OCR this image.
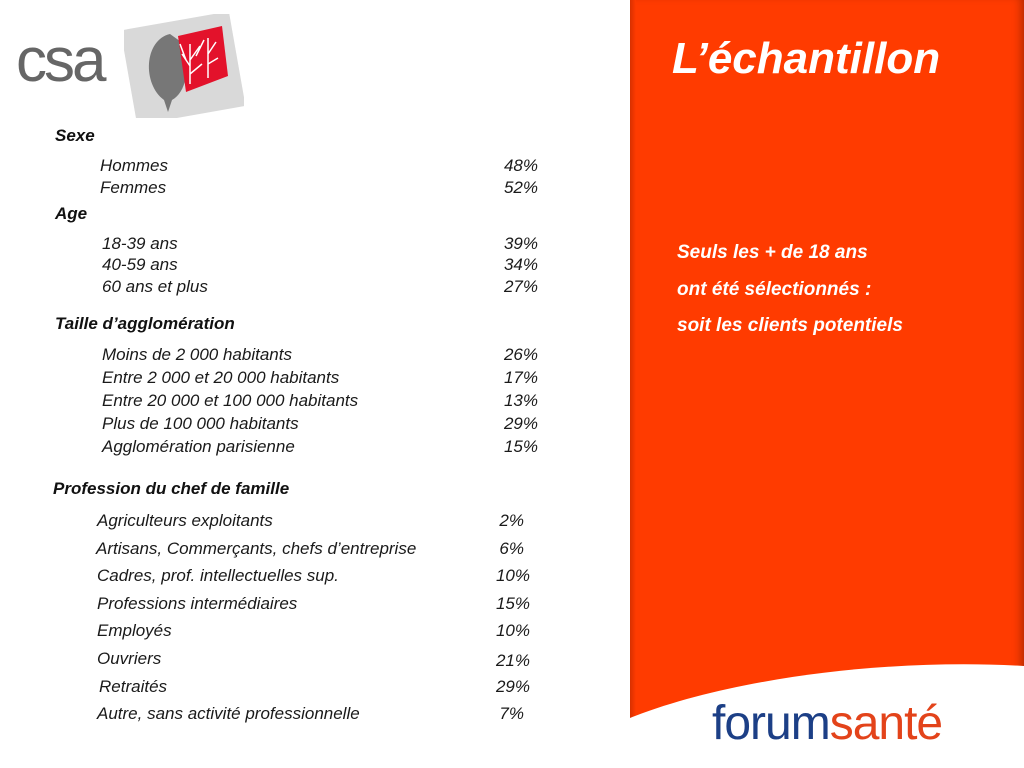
csa
Sexe
Hommes	48%
Femmes	52%
Age
18-39 ans	39%
40-59 ans	34%
60 ans et plus	27%
Taille d’agglomération
Moins de 2 000 habitants	26%
Entre 2 000 et 20 000 habitants	17%
Entre 20 000 et 100 000 habitants	13%
Plus de 100 000 habitants	29%
Agglomération parisienne	15%
Profession du chef de famille
Agriculteurs exploitants	2%
Artisans, Commerçants, chefs d’entreprise	6%
Cadres, prof. intellectuelles sup.	10%
Professions intermédiaires	15%
Employés	10%
Ouvriers	21%
Retraités	29%
Autre, sans activité professionnelle	7%
L’échantillon
Seuls les + de 18 ans
ont été sélectionnés :
soit les clients potentiels
forumsanté
